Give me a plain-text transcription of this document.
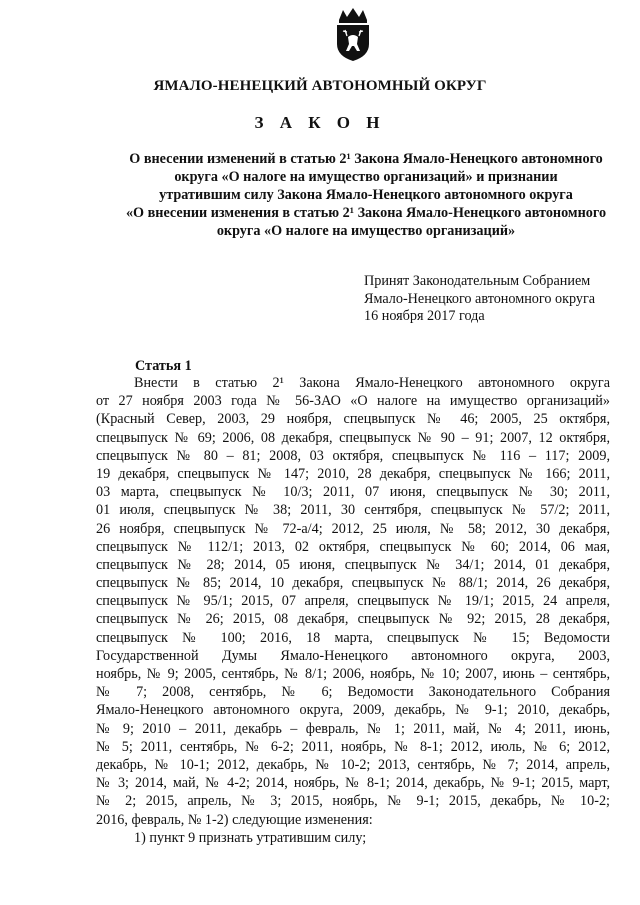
ЯМАЛО-НЕНЕЦКИЙ АВТОНОМНЫЙ ОКРУГ
З А К О Н
О внесении изменений в статью 2¹ Закона Ямало-Ненецкого автономного
округа «О налоге на имущество организаций» и признании
утратившим силу Закона Ямало-Ненецкого автономного округа
«О внесении изменения в статью 2¹ Закона Ямало-Ненецкого автономного
округа «О налоге на имущество организаций»
Принят Законодательным Собранием
Ямало-Ненецкого автономного округа
16 ноября 2017 года
Статья 1
Внести в статью 2¹ Закона Ямало-Ненецкого автономного округа
от 27 ноября 2003 года № 56-ЗАО «О налоге на имущество организаций»
(Красный Север, 2003, 29 ноября, спецвыпуск № 46; 2005, 25 октября,
спецвыпуск № 69; 2006, 08 декабря, спецвыпуск № 90 – 91; 2007, 12 октября,
спецвыпуск № 80 – 81; 2008, 03 октября, спецвыпуск № 116 – 117; 2009,
19 декабря, спецвыпуск № 147; 2010, 28 декабря, спецвыпуск № 166; 2011,
03 марта, спецвыпуск № 10/3; 2011, 07 июня, спецвыпуск № 30; 2011,
01 июля, спецвыпуск № 38; 2011, 30 сентября, спецвыпуск № 57/2; 2011,
26 ноября, спецвыпуск № 72-а/4; 2012, 25 июля, № 58; 2012, 30 декабря,
спецвыпуск № 112/1; 2013, 02 октября, спецвыпуск № 60; 2014, 06 мая,
спецвыпуск № 28; 2014, 05 июня, спецвыпуск № 34/1; 2014, 01 декабря,
спецвыпуск № 85; 2014, 10 декабря, спецвыпуск № 88/1; 2014, 26 декабря,
спецвыпуск № 95/1; 2015, 07 апреля, спецвыпуск № 19/1; 2015, 24 апреля,
спецвыпуск № 26; 2015, 08 декабря, спецвыпуск № 92; 2015, 28 декабря,
спецвыпуск № 100; 2016, 18 марта, спецвыпуск № 15; Ведомости
Государственной Думы Ямало-Ненецкого автономного округа, 2003,
ноябрь, № 9; 2005, сентябрь, № 8/1; 2006, ноябрь, № 10; 2007, июнь – сентябрь,
№ 7; 2008, сентябрь, № 6; Ведомости Законодательного Собрания
Ямало-Ненецкого автономного округа, 2009, декабрь, № 9-1; 2010, декабрь,
№ 9; 2010 – 2011, декабрь – февраль, № 1; 2011, май, № 4; 2011, июнь,
№ 5; 2011, сентябрь, № 6-2; 2011, ноябрь, № 8-1; 2012, июль, № 6; 2012,
декабрь, № 10-1; 2012, декабрь, № 10-2; 2013, сентябрь, № 7; 2014, апрель,
№ 3; 2014, май, № 4-2; 2014, ноябрь, № 8-1; 2014, декабрь, № 9-1; 2015, март,
№ 2; 2015, апрель, № 3; 2015, ноябрь, № 9-1; 2015, декабрь, № 10-2;
2016, февраль, № 1-2) следующие изменения:
1) пункт 9 признать утратившим силу;
